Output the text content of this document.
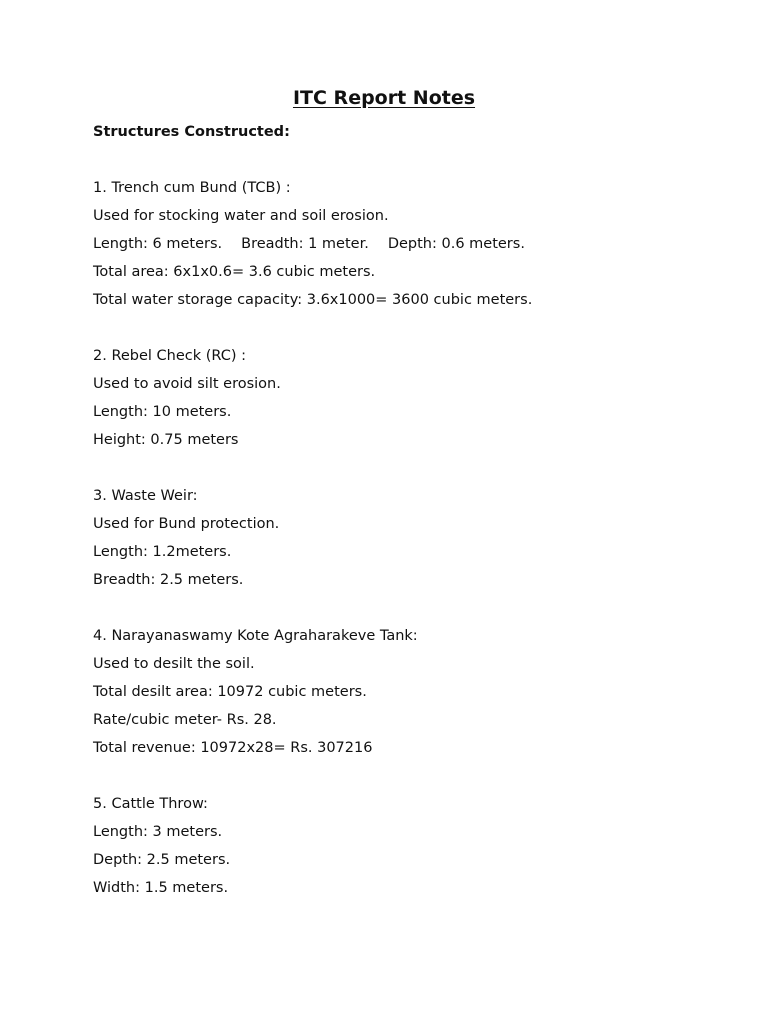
ITC Report Notes
Structures Constructed:
1. Trench cum Bund (TCB) :
Used for stocking water and soil erosion.
Length: 6 meters. Breadth: 1 meter. Depth: 0.6 meters.
Total area: 6x1x0.6= 3.6 cubic meters.
Total water storage capacity: 3.6x1000= 3600 cubic meters.
2. Rebel Check (RC) :
Used to avoid silt erosion.
Length: 10 meters.
Height: 0.75 meters
3. Waste Weir:
Used for Bund protection.
Length: 1.2meters.
Breadth: 2.5 meters.
4. Narayanaswamy Kote Agraharakeve Tank:
Used to desilt the soil.
Total desilt area: 10972 cubic meters.
Rate/cubic meter- Rs. 28.
Total revenue: 10972x28= Rs. 307216
5. Cattle Throw:
Length: 3 meters.
Depth: 2.5 meters.
Width: 1.5 meters.
